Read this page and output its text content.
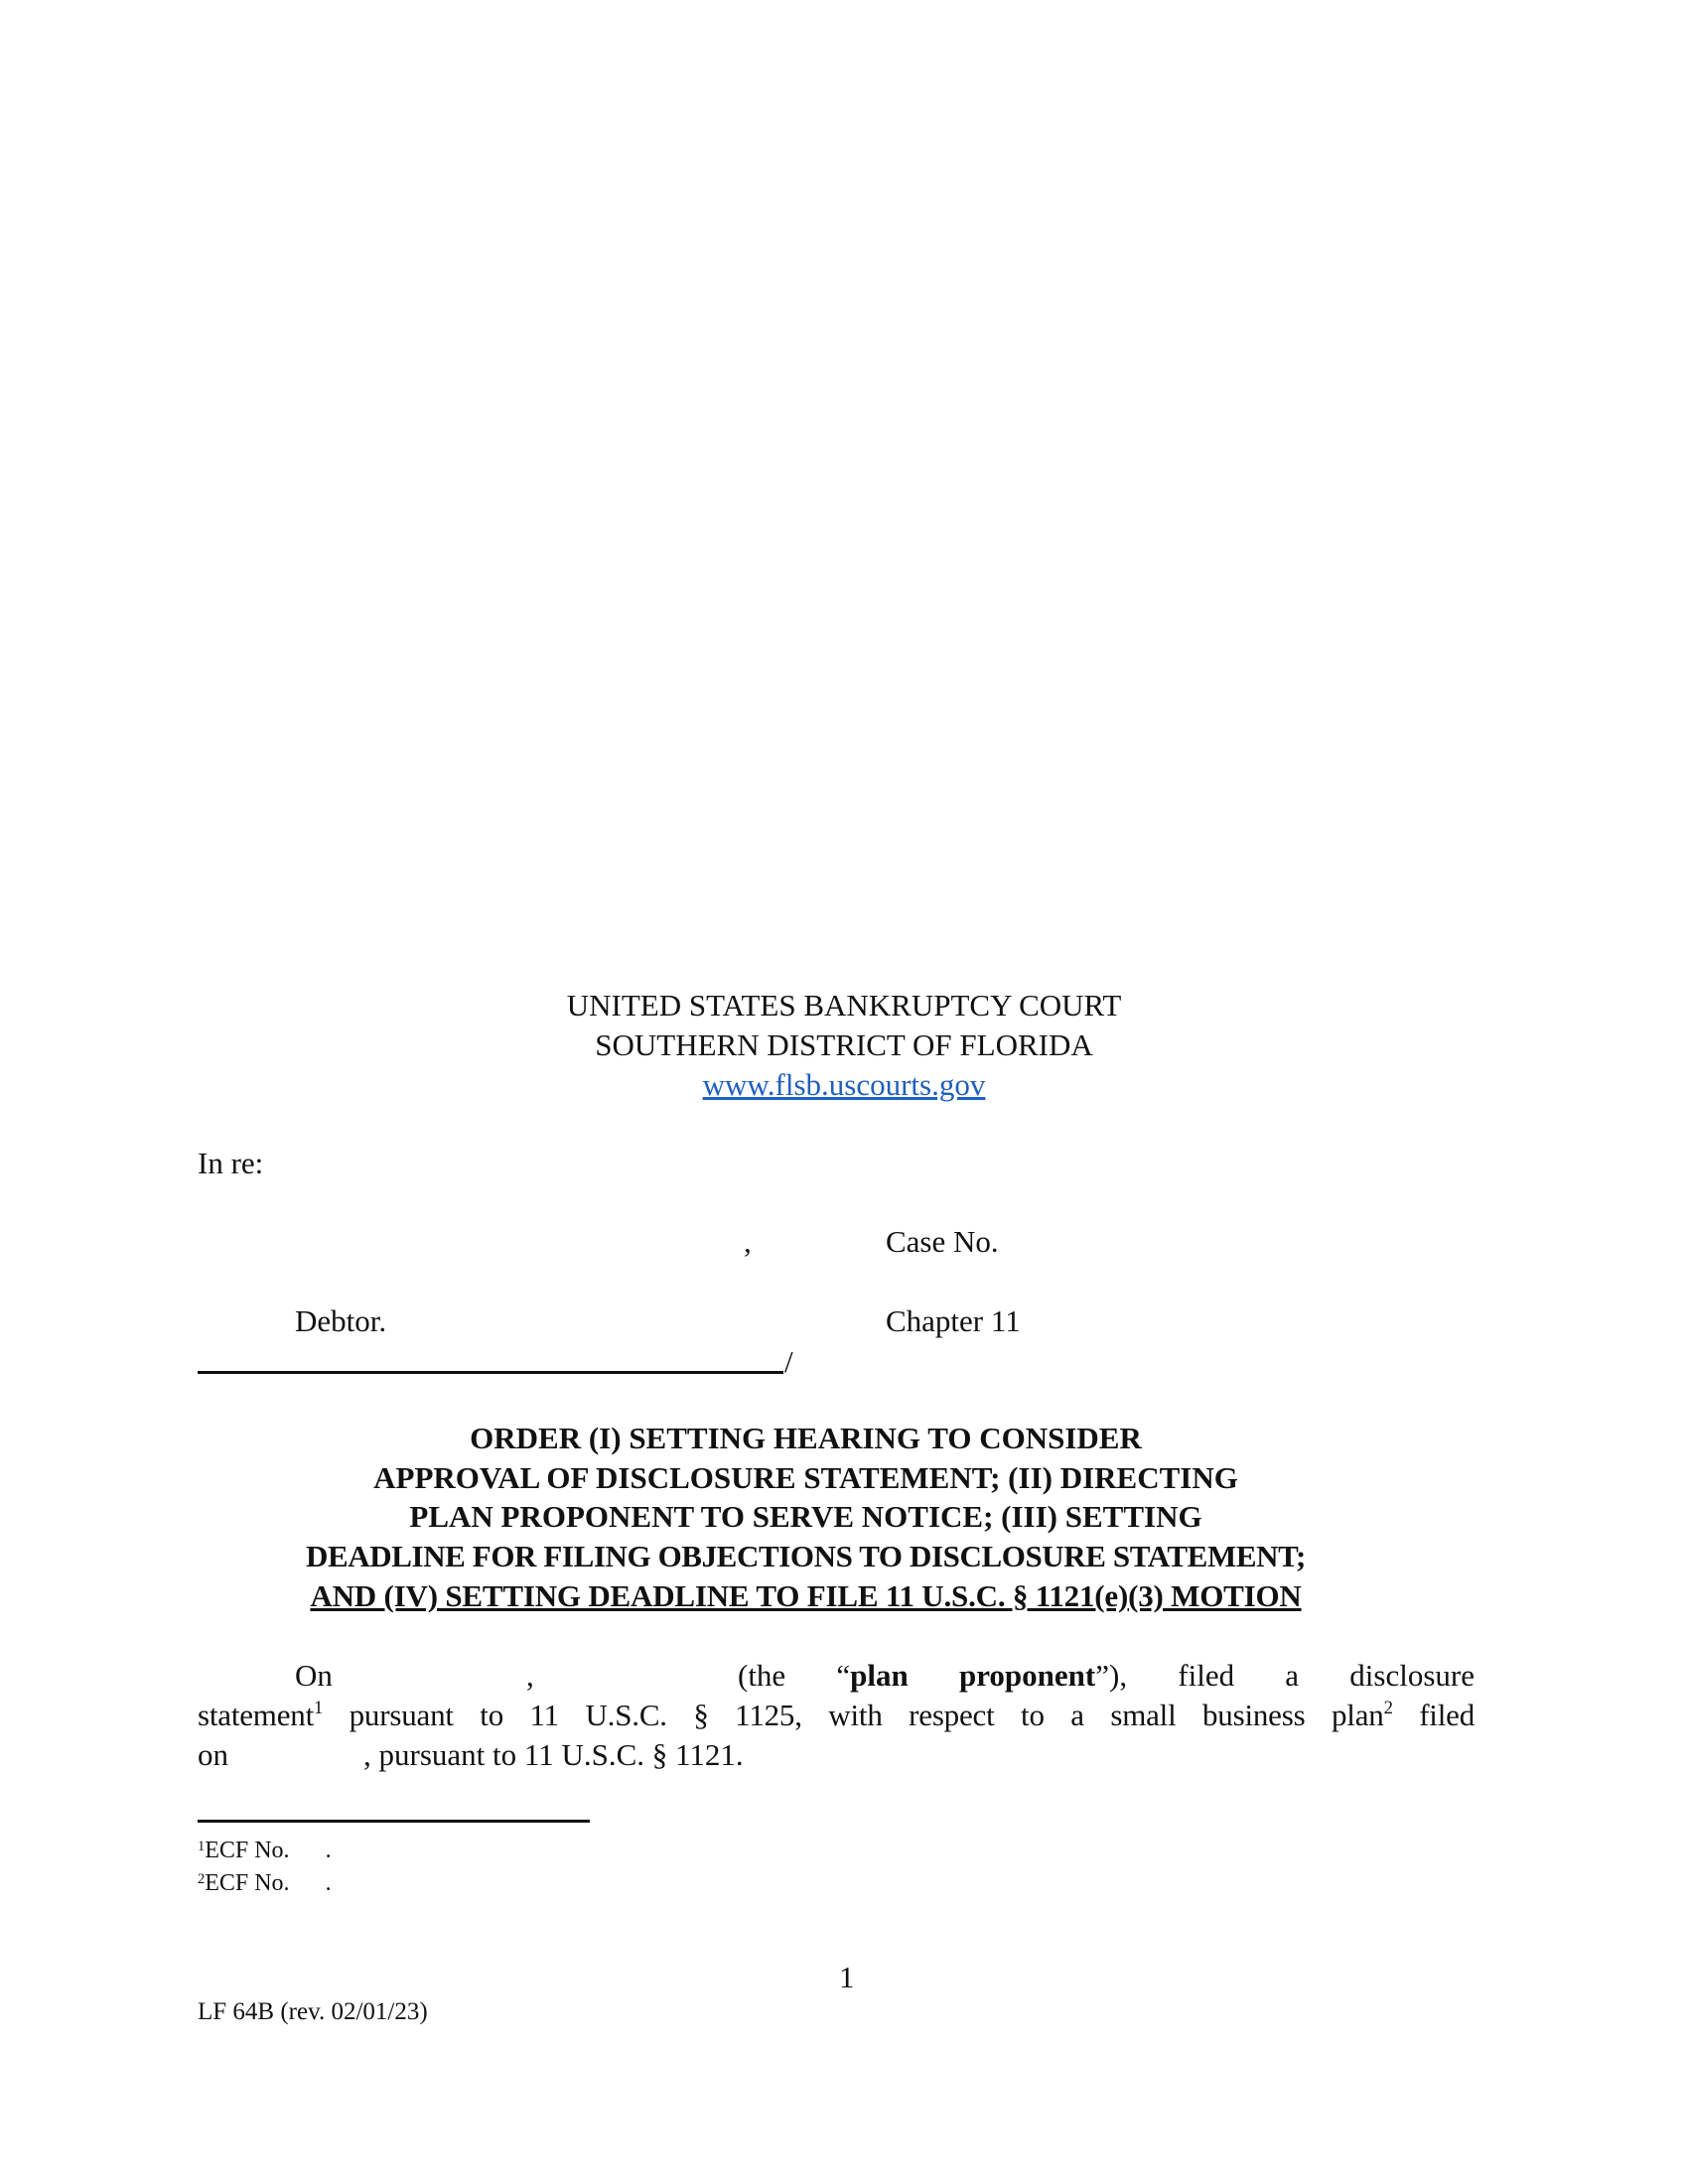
UNITED STATES BANKRUPTCY COURT
SOUTHERN DISTRICT OF FLORIDA
www.flsb.uscourts.gov
In re:
,	Case No.
Debtor.	Chapter 11
/
ORDER (I) SETTING HEARING TO CONSIDER
APPROVAL OF DISCLOSURE STATEMENT; (II) DIRECTING
PLAN PROPONENT TO SERVE NOTICE; (III) SETTING
DEADLINE FOR FILING OBJECTIONS TO DISCLOSURE STATEMENT;
AND (IV) SETTING DEADLINE TO FILE 11 U.S.C. § 1121(e)(3) MOTION
On	,	(the “plan proponent”), filed a disclosure
statement$^1$ pursuant to 11 U.S.C. § 1125, with respect to a small business plan$^2$ filed
on	, pursuant to 11 U.S.C. § 1121.
$^1$ECF No. .
$^2$ECF No. .
1
LF 64B (rev. 02/01/23)
